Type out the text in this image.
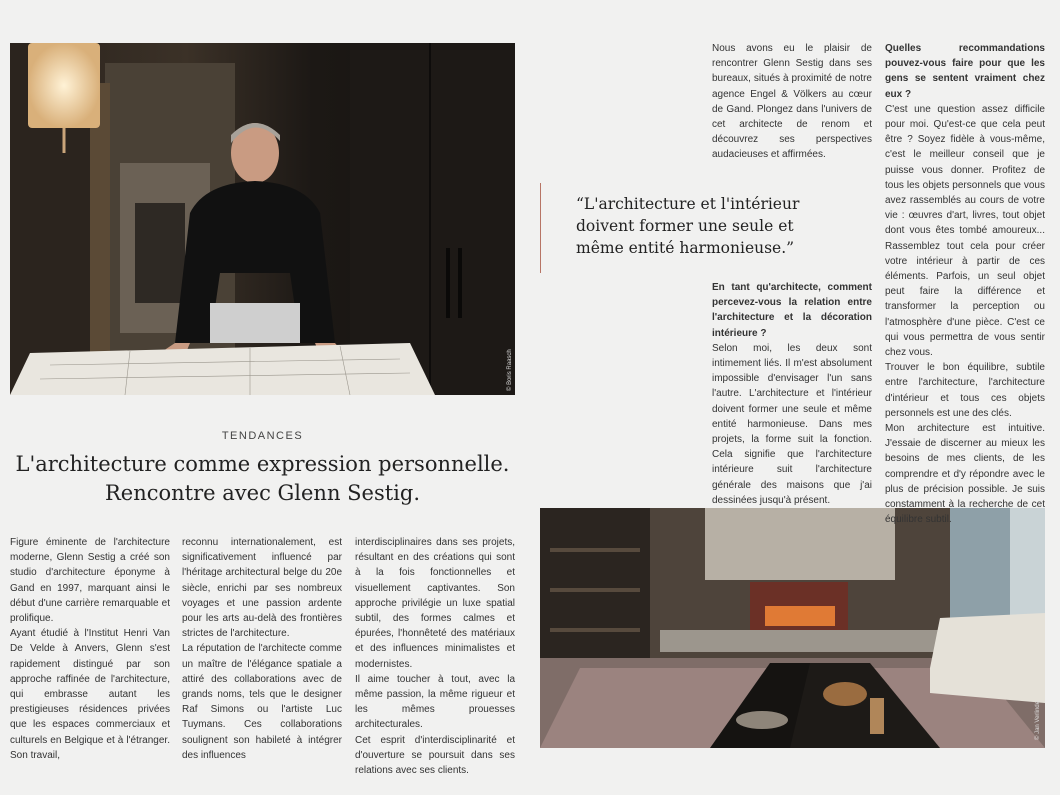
© Boris Raasch
© Jan Verlinde
TENDANCES
L'architecture comme expression personnelle.
Rencontre avec Glenn Sestig.

Figure éminente de l'architecture moderne, Glenn Sestig a créé son studio d'architecture éponyme à Gand en 1997, marquant ainsi le début d'une carrière remarquable et prolifique.

Ayant étudié à l'Institut Henri Van De Velde à Anvers, Glenn s'est rapidement distingué par son approche raffinée de l'architecture, qui embrasse autant les prestigieuses résidences privées que les espaces commerciaux et culturels en Belgique et à l'étranger. Son travail,

reconnu internationalement, est significativement influencé par l'héritage architectural belge du 20e siècle, enrichi par ses nombreux voyages et une passion ardente pour les arts au-delà des frontières strictes de l'architecture.

La réputation de l'architecte comme un maître de l'élégance spatiale a attiré des collaborations avec de grands noms, tels que le designer Raf Simons ou l'artiste Luc Tuymans. Ces collaborations soulignent son habileté à intégrer des influences

interdisciplinaires dans ses projets, résultant en des créations qui sont à la fois fonctionnelles et visuellement captivantes. Son approche privilégie un luxe spatial subtil, des formes calmes et épurées, l'honnêteté des matériaux et des influences minimalistes et modernistes.

Il aime toucher à tout, avec la même passion, la même rigueur et les mêmes prouesses architecturales.

Cet esprit d'interdisciplinarité et d'ouverture se poursuit dans ses relations avec ses clients.

Nous avons eu le plaisir de rencontrer Glenn Sestig dans ses bureaux, situés à proximité de notre agence Engel & Völkers au cœur de Gand. Plongez dans l'univers de cet architecte de renom et découvrez ses perspectives audacieuses et affirmées.
“L'architecture et l'intérieur doivent former une seule et même entité harmonieuse.”

En tant qu'architecte, comment percevez-vous la relation entre l'architecture et la décoration intérieure ?

Selon moi, les deux sont intimement liés. Il m'est absolument impossible d'envisager l'un sans l'autre. L'architecture et l'intérieur doivent former une seule et même entité harmonieuse. Dans mes projets, la forme suit la fonction. Cela signifie que l'architecture intérieure suit l'architecture générale des maisons que j'ai dessinées jusqu'à présent.

Quelles recommandations pouvez-vous faire pour que les gens se sentent vraiment chez eux ?

C'est une question assez difficile pour moi. Qu'est-ce que cela peut être ? Soyez fidèle à vous-même, c'est le meilleur conseil que je puisse vous donner. Profitez de tous les objets personnels que vous avez rassemblés au cours de votre vie : œuvres d'art, livres, tout objet dont vous êtes tombé amoureux... Rassemblez tout cela pour créer votre intérieur à partir de ces éléments. Parfois, un seul objet peut faire la différence et transformer la perception ou l'atmosphère d'une pièce. C'est ce qui vous permettra de vous sentir chez vous.

Trouver le bon équilibre, subtile entre l'architecture, l'architecture d'intérieur et tous ces objets personnels est une des clés.

Mon architecture est intuitive. J'essaie de discerner au mieux les besoins de mes clients, de les comprendre et d'y répondre avec le plus de précision possible. Je suis constamment à la recherche de cet équilibre subtil.
